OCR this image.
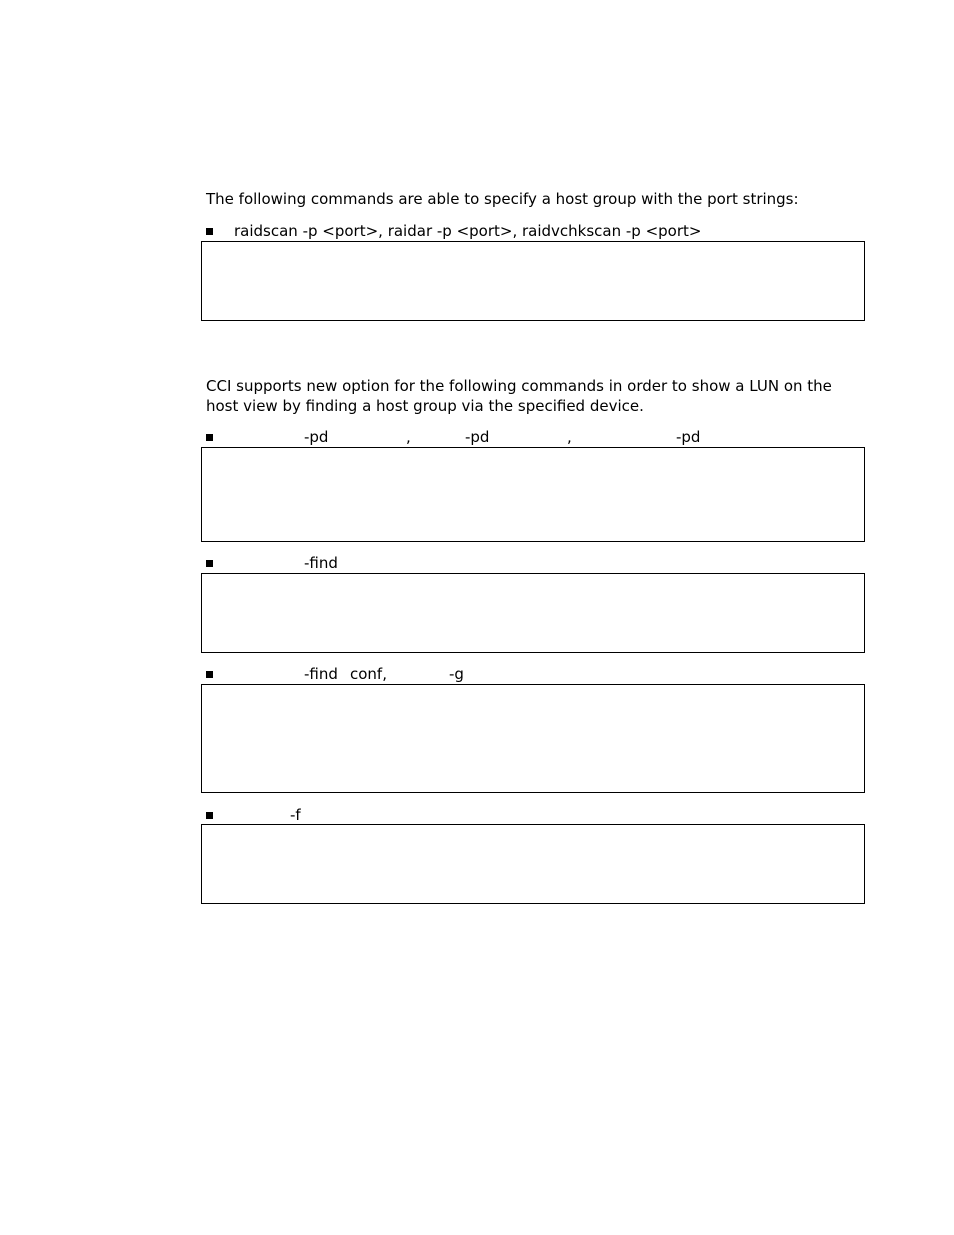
The following commands are able to specify a host group with the port strings:

raidscan -p <port>, raidar -p <port>, raidvchkscan -p <port>

CCI supports new option for the following commands in order to show a LUN on the host view by finding a host group via the specified device.

-pd

	,

	-pd

	,

	-pd

-find

-find

conf,

	-g

-f
